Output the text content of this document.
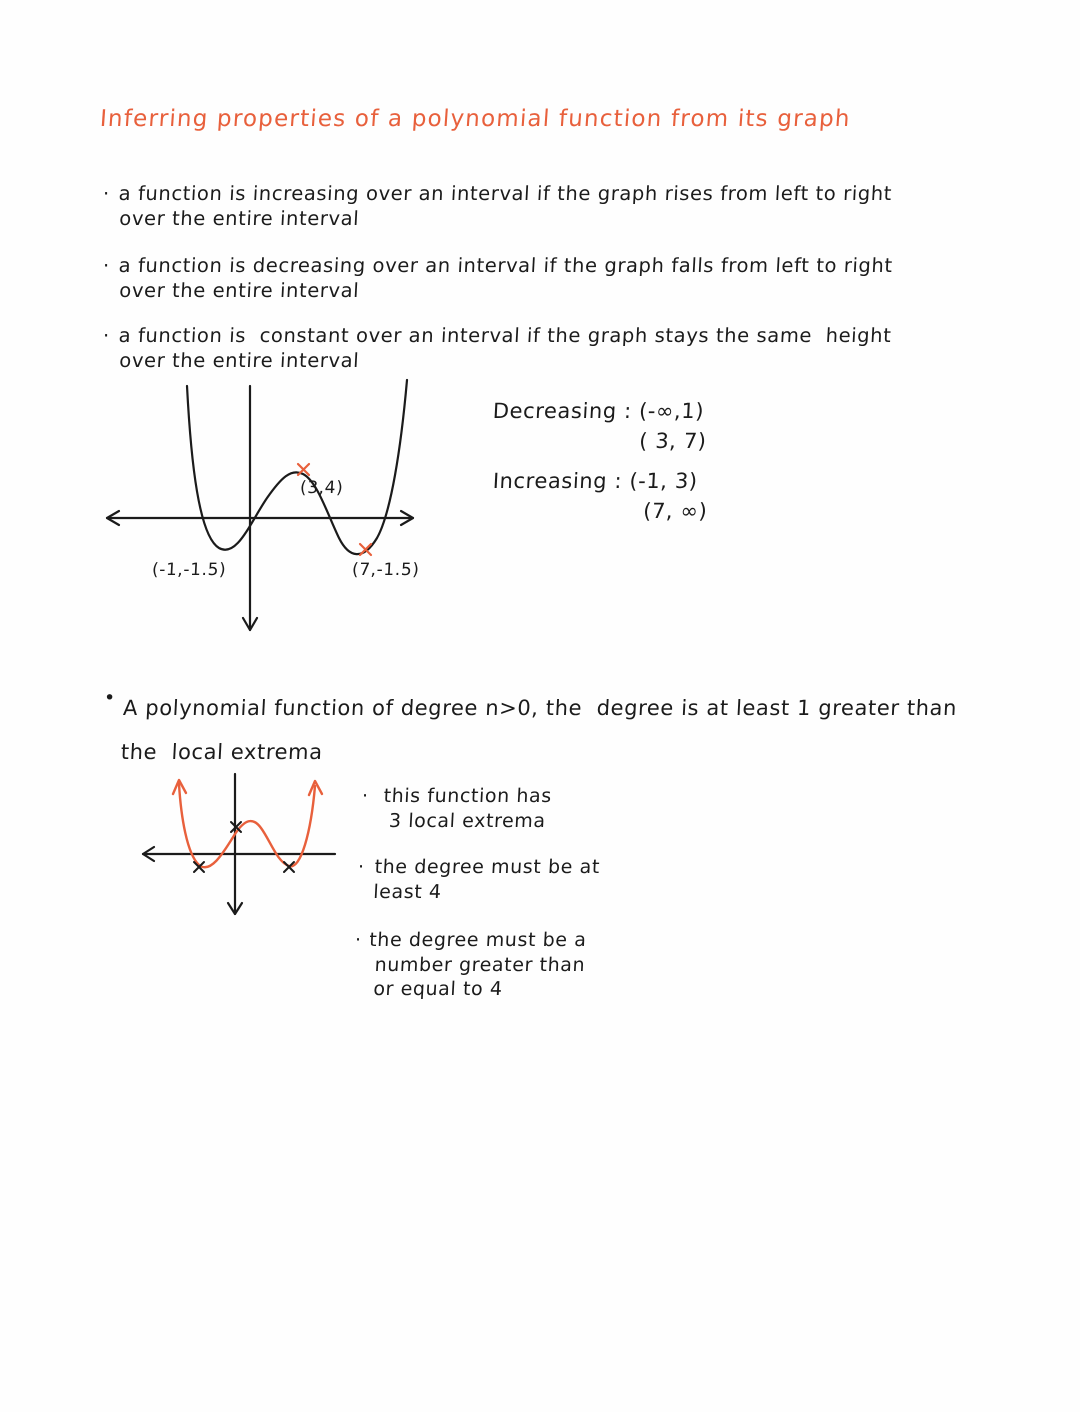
Inferring properties of a polynomial function from its graph
· a function is increasing over an interval if the graph rises from left to right
over the entire interval
· a function is decreasing over an interval if the graph falls from left to right
over the entire interval
· a function is  constant over an interval if the graph stays the same  height
over the entire interval
(3,4)
(-1,-1.5)	(7,-1.5)
Decreasing : (-∞,1)
( 3, 7)
Increasing : (-1, 3)
(7, ∞)
• A polynomial function of degree n>0, the  degree is at least 1 greater than
the  local extrema
· this function has
3 local extrema
· the degree must be at
least 4
· the degree must be a
number greater than
or equal to 4
